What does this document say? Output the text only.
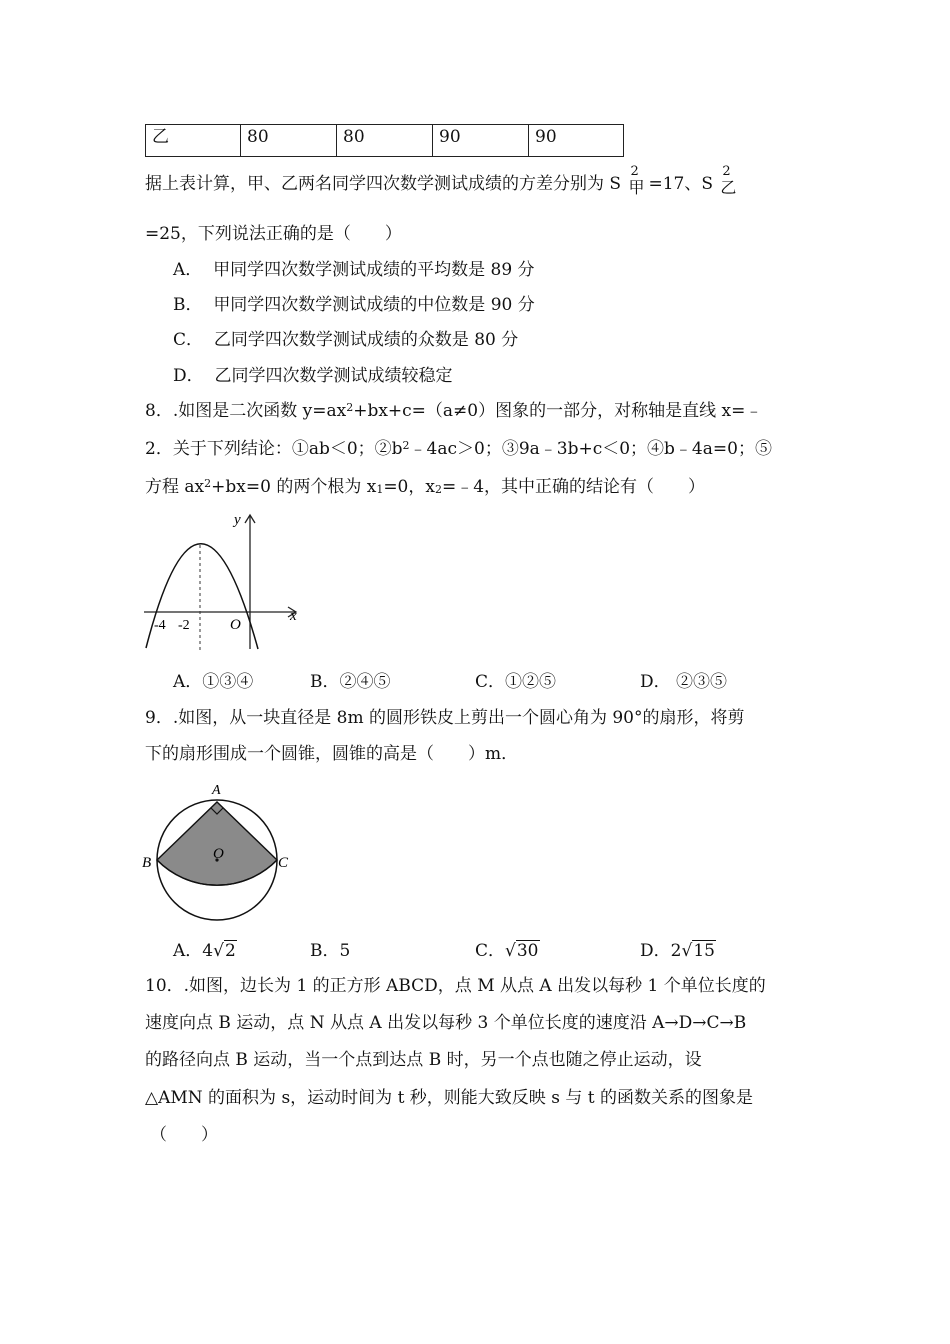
乙	80	80	90	90
据上表计算，甲、乙两名同学四次数学测试成绩的方差分别为 S
2
甲 =17、S
2
乙
=25，下列说法正确的是（　　）
A． 甲同学四次数学测试成绩的平均数是 89 分
B． 甲同学四次数学测试成绩的中位数是 90 分
C． 乙同学四次数学测试成绩的众数是 80 分
D． 乙同学四次数学测试成绩较稳定
8．.如图是二次函数 $y=ax^2+bx+c=(a\ne 0)$图象的一部分，对称轴是直线 x=﹣
2．关于下列结论：①ab＜0；$②b^2﹣4ac>0$；③9a﹣3b+c＜0；④b﹣4a=0；⑤
方程 $ax^2+bx=0$ 的两个根为 $x_1=0$，$x_2=﹣4$，其中正确的结论有（　　）
y
x
O
-4 -2
A．①③④	B．②④⑤	C．①②⑤	D． ②③⑤
9．.如图，从一块直径是 8m 的圆形铁皮上剪出一个圆心角为 90°的扇形，将剪
下的扇形围成一个圆锥，圆锥的高是（　　）m．
A
B	C
O
A．4√2	B．5	C．√30	D．2√15
10．.如图，边长为 1 的正方形 ABCD，点 M 从点 A 出发以每秒 1 个单位长度的
速度向点 B 运动，点 N 从点 A 出发以每秒 3 个单位长度的速度沿 A→D→C→B
的路径向点 B 运动，当一个点到达点 B 时，另一个点也随之停止运动，设
△AMN 的面积为 s，运动时间为 t 秒，则能大致反映 s 与 t 的函数关系的图象是
（　　）
